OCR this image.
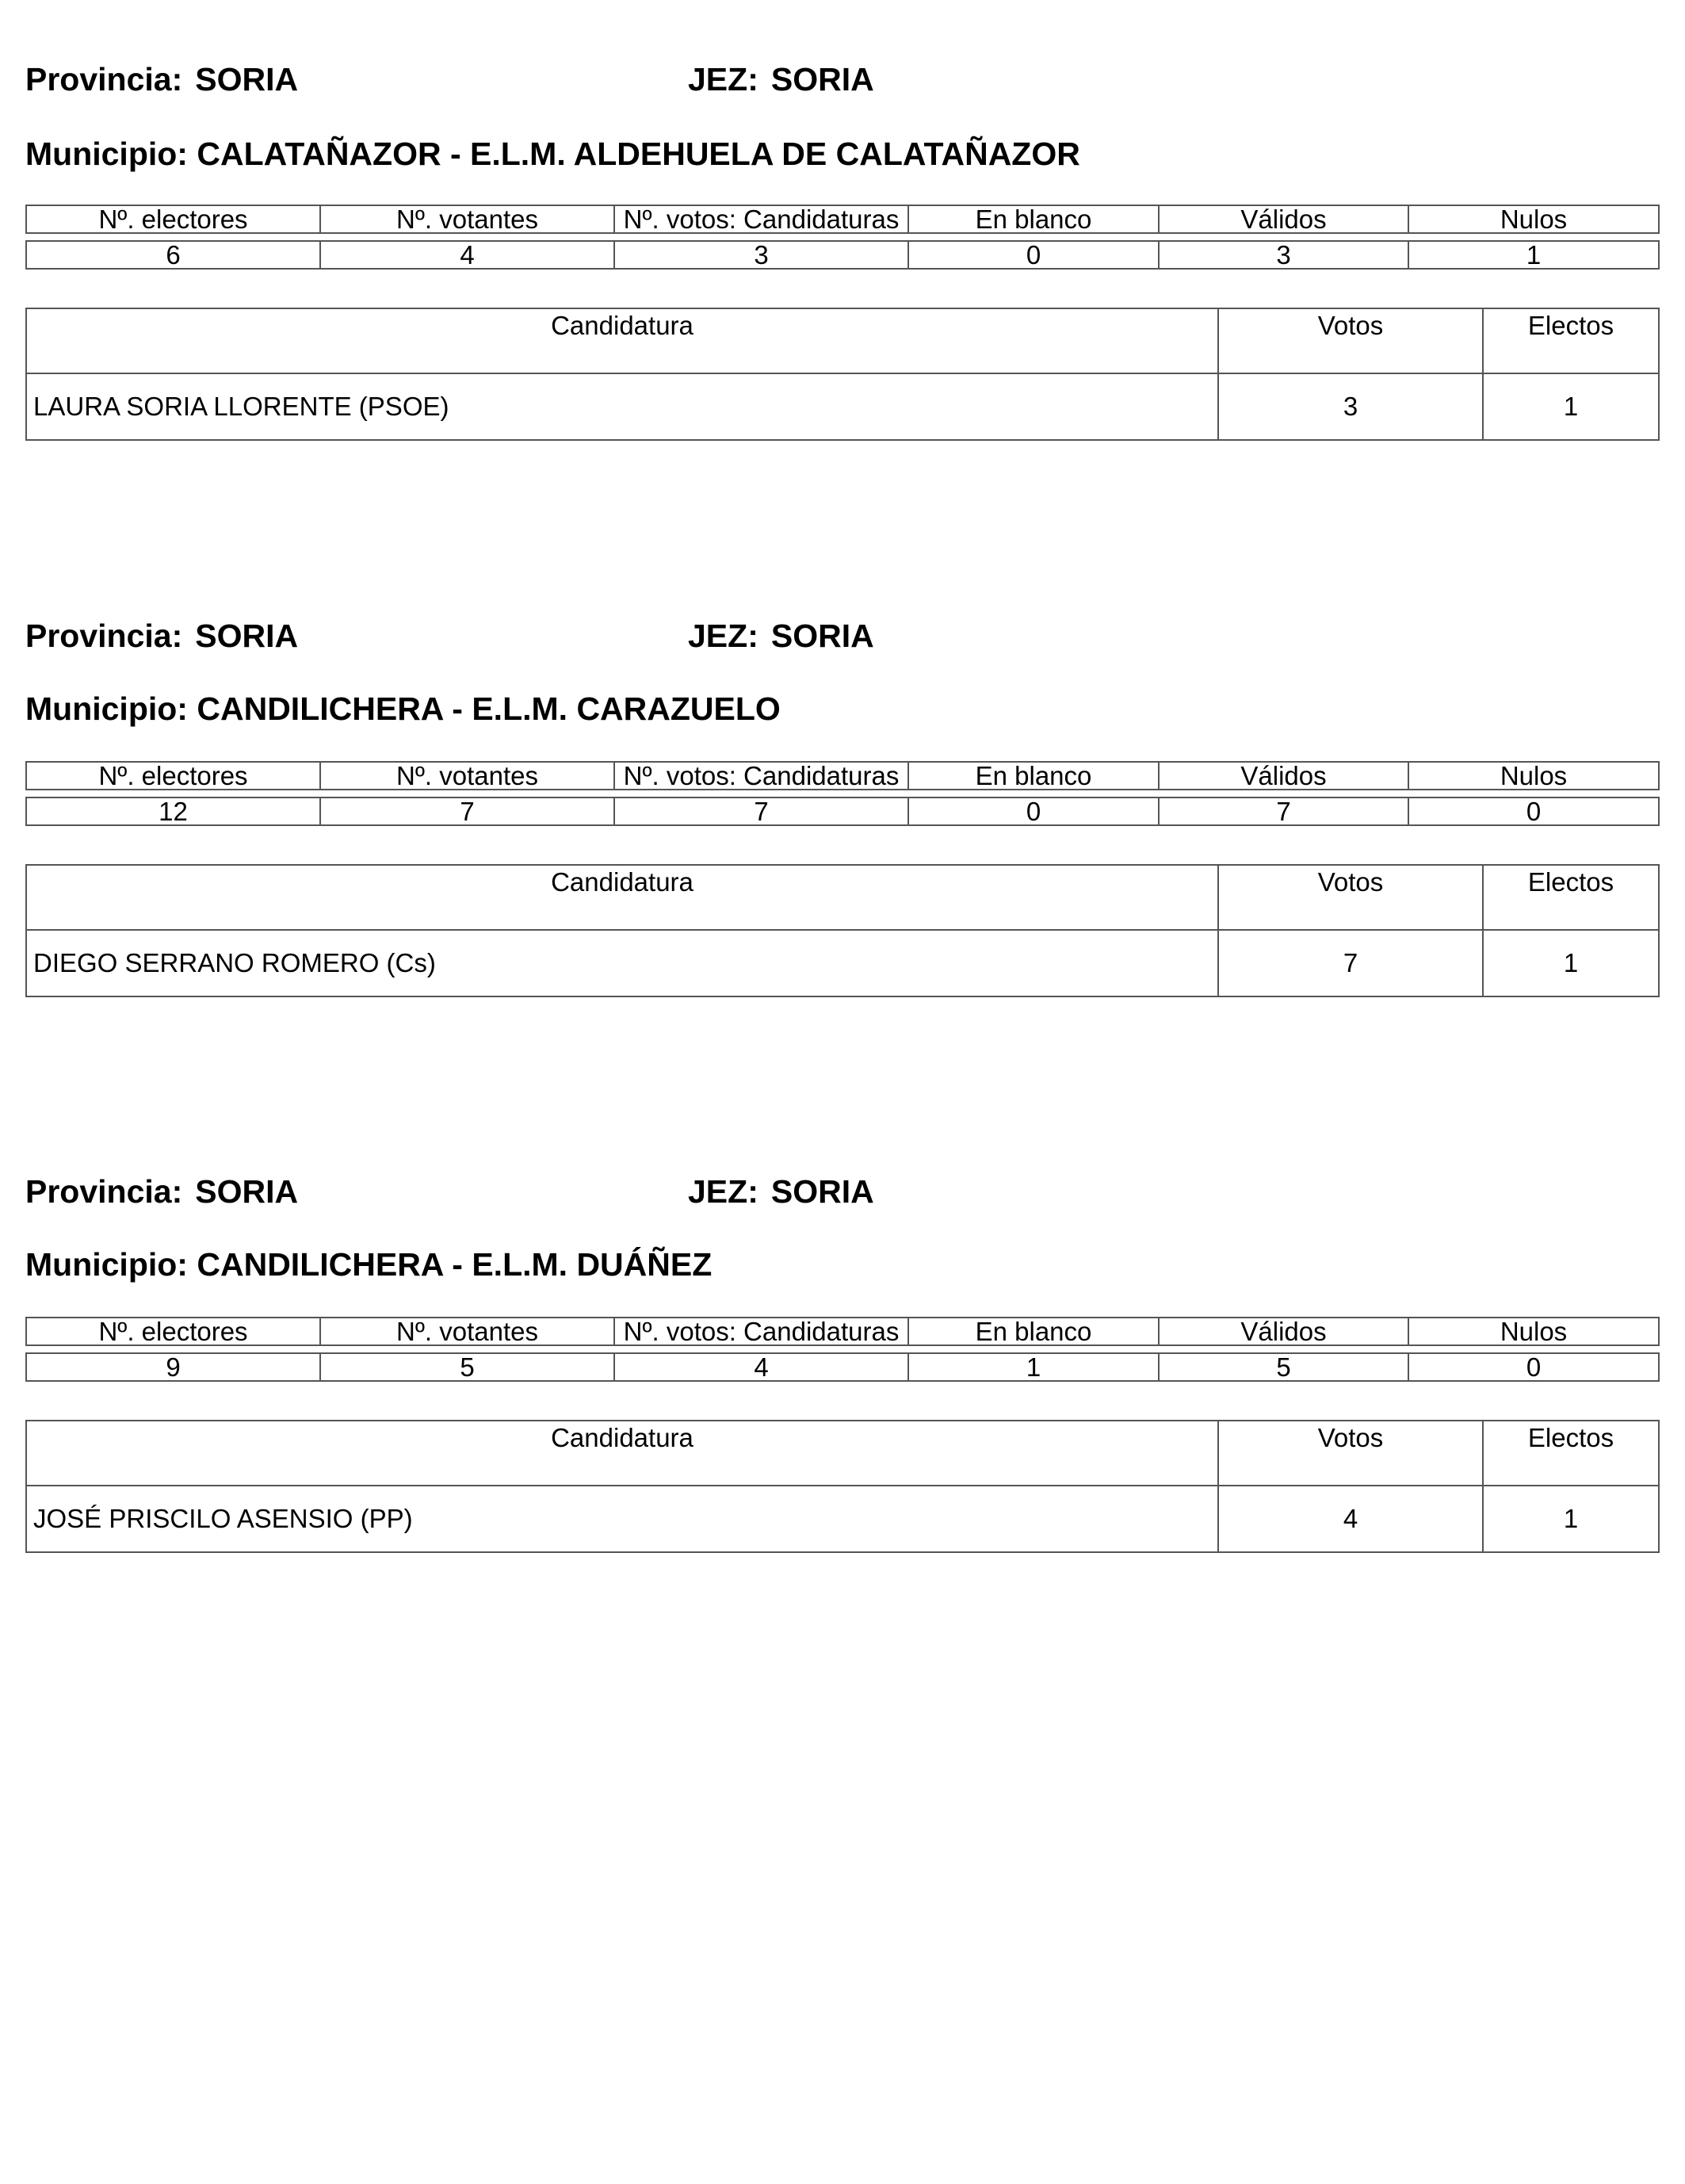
Provincia: SORIA	JEZ: SORIA
Municipio: CALATAÑAZOR - E.L.M. ALDEHUELA DE CALATAÑAZOR
Nº. electores	Nº. votantes	Nº. votos: Candidaturas	En blanco	Válidos	Nulos

6	4	3	0	3	1
Candidatura	Votos	Electos
LAURA SORIA LLORENTE (PSOE)	3	1
Provincia: SORIA	JEZ: SORIA
Municipio: CANDILICHERA - E.L.M. CARAZUELO
Nº. electores	Nº. votantes	Nº. votos: Candidaturas	En blanco	Válidos	Nulos

12	7	7	0	7	0
Candidatura	Votos	Electos
DIEGO SERRANO ROMERO (Cs)	7	1
Provincia: SORIA	JEZ: SORIA
Municipio: CANDILICHERA - E.L.M. DUÁÑEZ
Nº. electores	Nº. votantes	Nº. votos: Candidaturas	En blanco	Válidos	Nulos

9	5	4	1	5	0
Candidatura	Votos	Electos
JOSÉ PRISCILO ASENSIO (PP)	4	1
